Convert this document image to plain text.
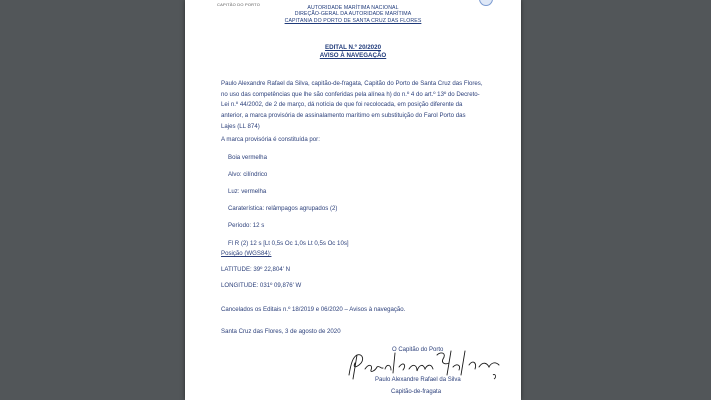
CAPITÃO DO PORTO
AUTORIDADE MARÍTIMA NACIONAL
DIREÇÃO-GERAL DA AUTORIDADE MARÍTIMA
CAPITANIA DO PORTO DE SANTA CRUZ DAS FLORES
EDITAL N.º 20/2020
AVISO À NAVEGAÇÃO
Paulo Alexandre Rafael da Silva, capitão-de-fragata, Capitão do Porto de Santa Cruz das Flores,
no uso das competências que lhe são conferidas pela alínea h) do n.º 4 do art.º 13º do Decreto-
Lei n.º 44/2002, de 2 de março, dá notícia de que foi recolocada, em posição diferente da
anterior, a marca provisória de assinalamento marítimo em substituição do Farol Porto das
Lajes (LL 874)
A marca provisória é constituída por:
Boia vermelha
Alvo: cilíndrico
Luz: vermelha
Caraterística: relâmpagos agrupados (2)
Período: 12 s
Fl R (2) 12 s [Lt 0,5s Oc 1,0s Lt 0,5s Oc 10s]
Posição (WGS84):
LATITUDE: 39º 22,804' N
LONGITUDE: 031º 09,876' W
Cancelados os Editais n.º 18/2019 e 06/2020 – Avisos à navegação.
Santa Cruz das Flores, 3 de agosto de 2020
O Capitão do Porto
Paulo Alexandre Rafael da Silva
Capitão-de-fragata
